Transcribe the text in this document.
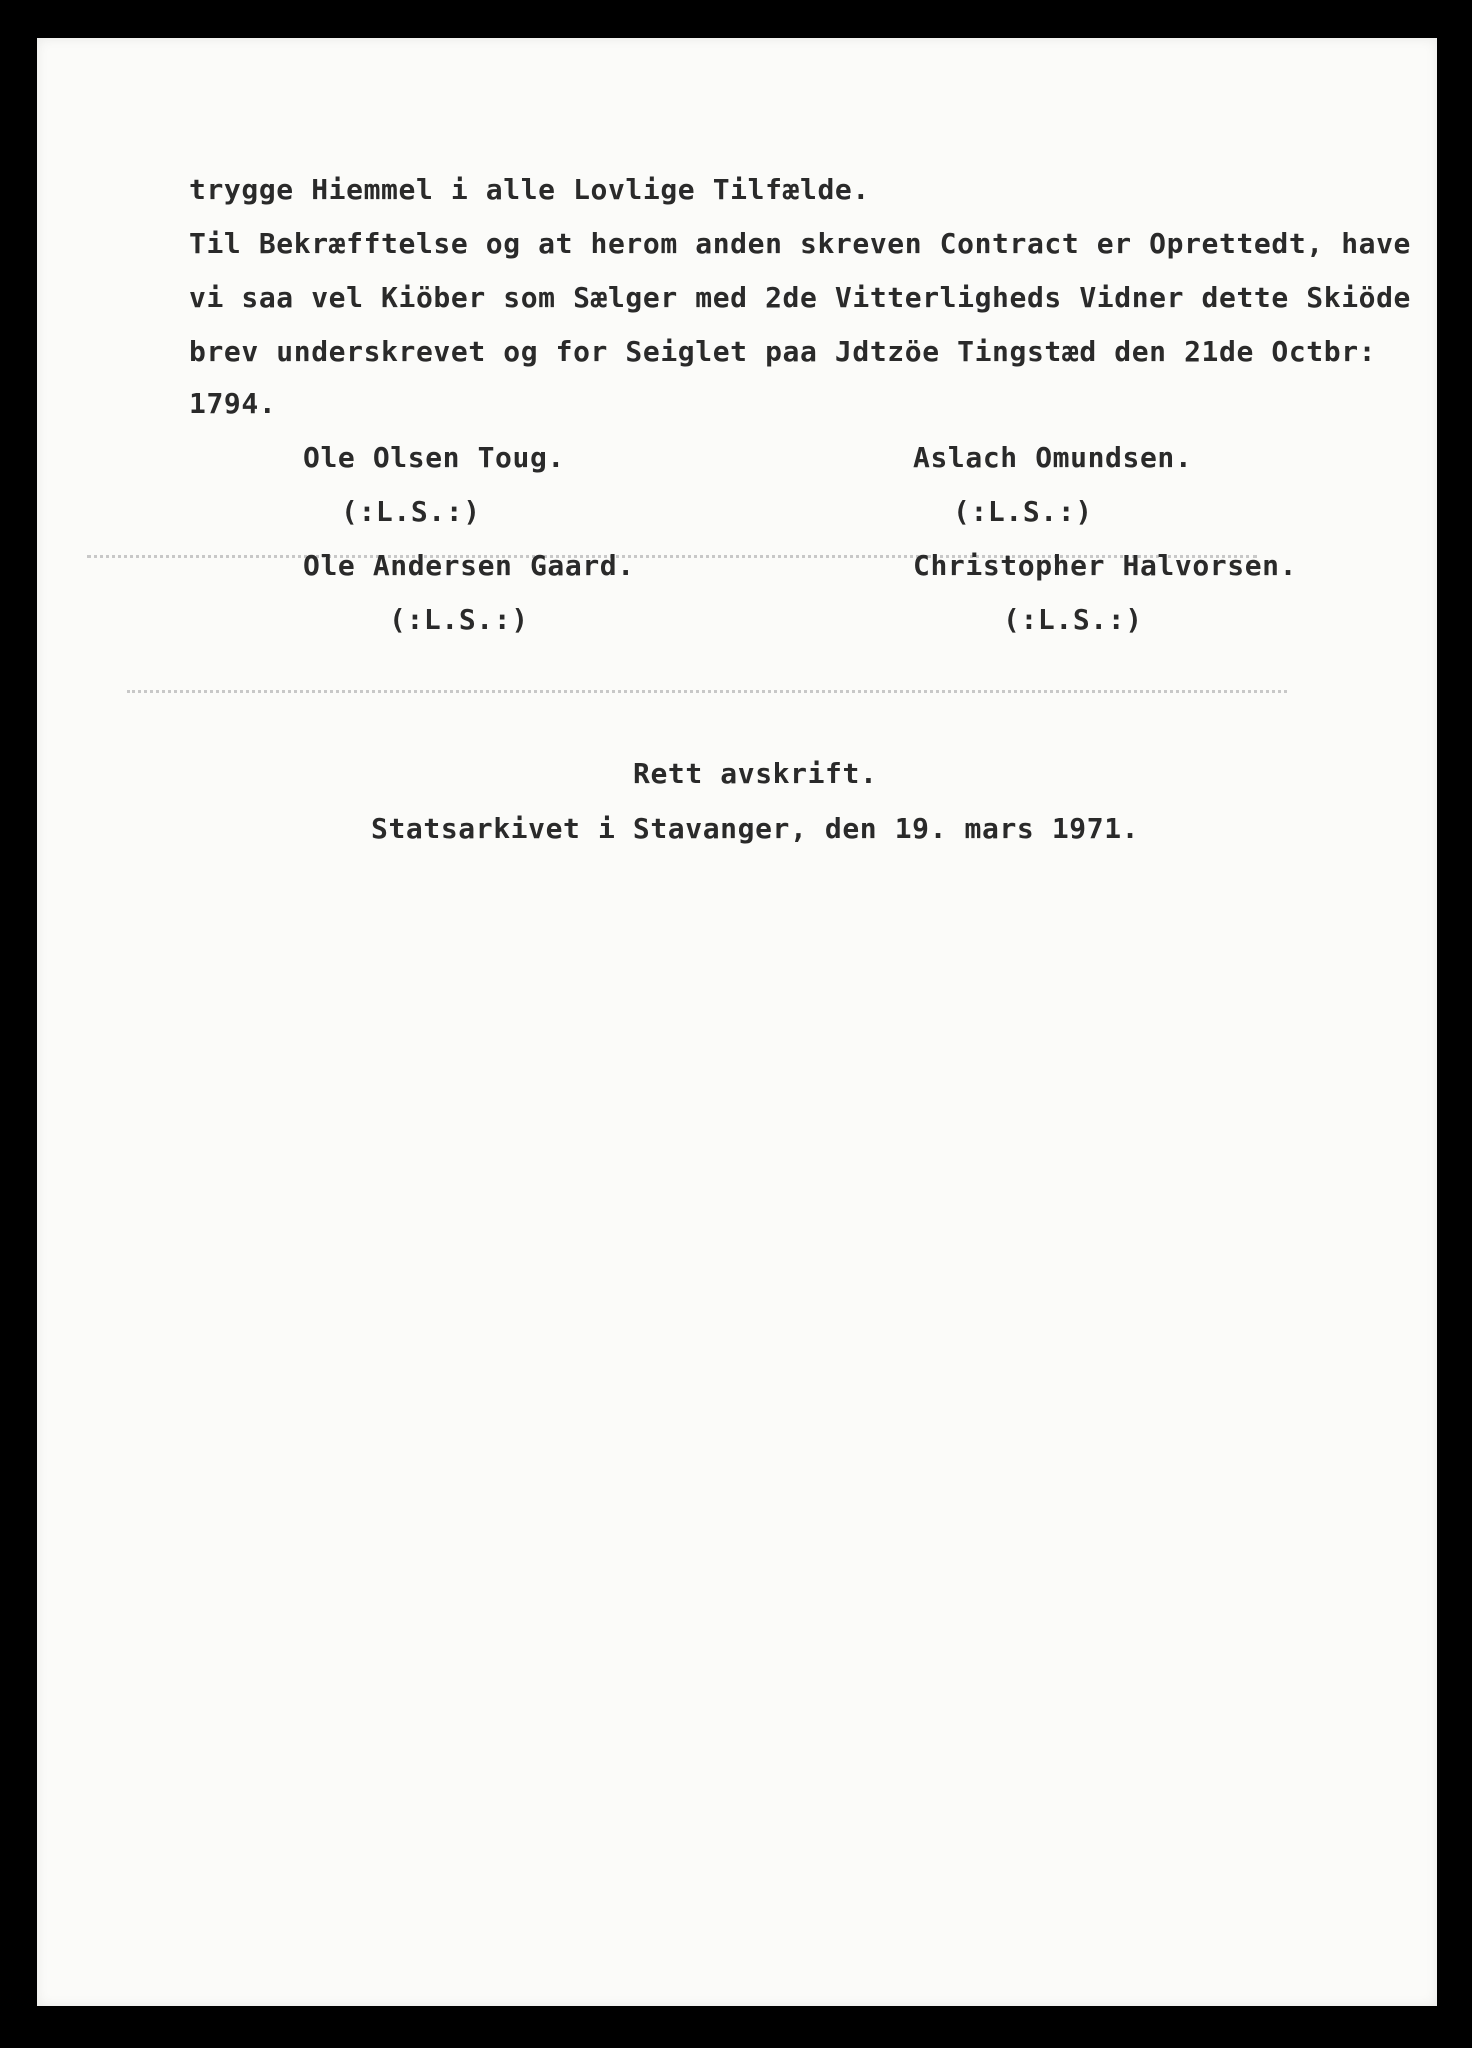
trygge Hiemmel i alle Lovlige Tilfælde.
Til Bekræfftelse og at herom anden skreven Contract er Oprettedt, have
vi saa vel Kiöber som Sælger med 2de Vitterligheds Vidner dette Skiöde
brev underskrevet og for Seiglet paa Jdtzöe Tingstæd den 21de Octbr:
1794.
Ole Olsen Toug.	Aslach Omundsen.
(:L.S.:)	(:L.S.:)
Ole Andersen Gaard.	Christopher Halvorsen.
(:L.S.:)	(:L.S.:)
Rett avskrift.
Statsarkivet i Stavanger, den 19. mars 1971.
